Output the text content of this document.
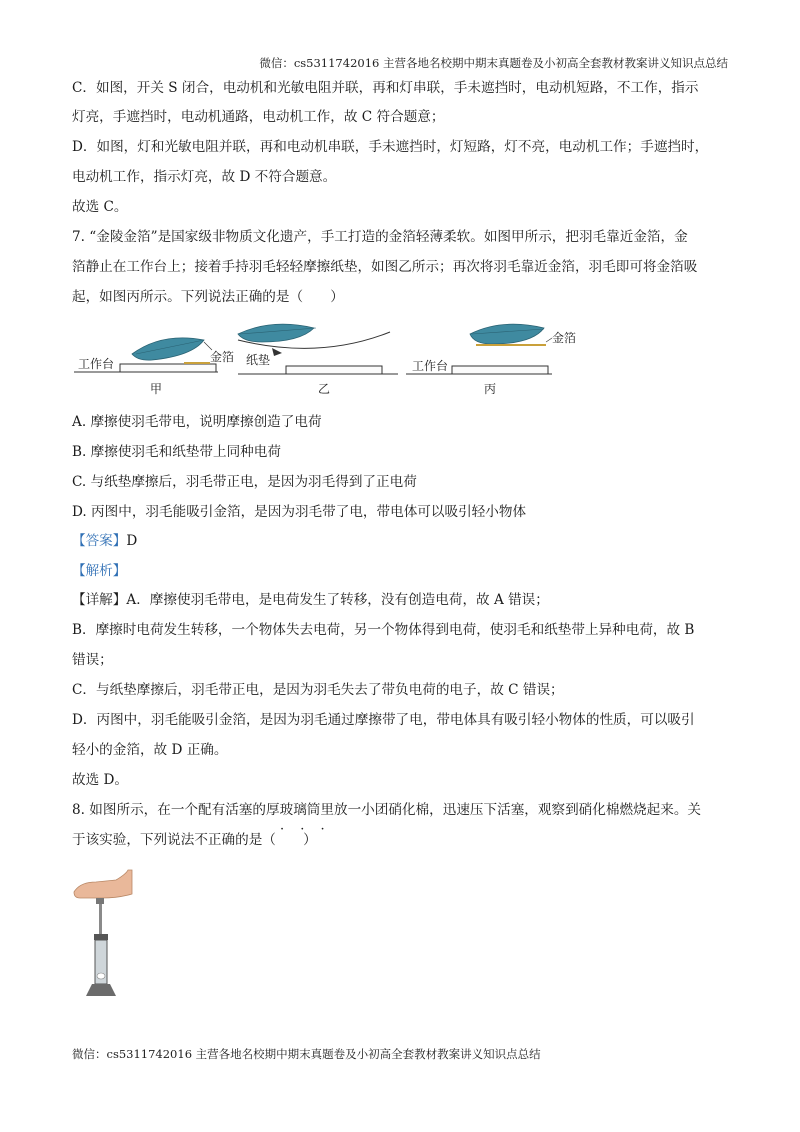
微信：cs5311742016 主营各地名校期中期末真题卷及小初高全套教材教案讲义知识点总结
C．如图，开关 S 闭合，电动机和光敏电阻并联，再和灯串联，手未遮挡时，电动机短路，不工作，指示
灯亮，手遮挡时，电动机通路，电动机工作，故 C 符合题意；
D．如图，灯和光敏电阻并联，再和电动机串联，手未遮挡时，灯短路，灯不亮，电动机工作；手遮挡时，
电动机工作，指示灯亮，故 D 不符合题意。
故选 C。
7. “金陵金箔”是国家级非物质文化遗产，手工打造的金箔轻薄柔软。如图甲所示，把羽毛靠近金箔，金
箔静止在工作台上；接着手持羽毛轻轻摩擦纸垫，如图乙所示；再次将羽毛靠近金箔，羽毛即可将金箔吸
起，如图丙所示。下列说法正确的是（　　）
工作台	金箔
甲
纸垫
乙
工作台
金箔
丙
A. 摩擦使羽毛带电，说明摩擦创造了电荷
B. 摩擦使羽毛和纸垫带上同种电荷
C. 与纸垫摩擦后，羽毛带正电，是因为羽毛得到了正电荷
D. 丙图中，羽毛能吸引金箔，是因为羽毛带了电，带电体可以吸引轻小物体
【答案】D
【解析】
【详解】A．摩擦使羽毛带电，是电荷发生了转移，没有创造电荷，故 A 错误；
B．摩擦时电荷发生转移，一个物体失去电荷，另一个物体得到电荷，使羽毛和纸垫带上异种电荷，故 B
错误；
C．与纸垫摩擦后，羽毛带正电，是因为羽毛失去了带负电荷的电子，故 C 错误；
D．丙图中，羽毛能吸引金箔，是因为羽毛通过摩擦带了电，带电体具有吸引轻小物体的性质，可以吸引
轻小的金箔，故 D 正确。
故选 D。
8. 如图所示，在一个配有活塞的厚玻璃筒里放一小团硝化棉，迅速压下活塞，观察到硝化棉燃烧起来。关
· · ·
于该实验，下列说法不正确的是（　　）
微信：cs5311742016 主营各地名校期中期末真题卷及小初高全套教材教案讲义知识点总结
